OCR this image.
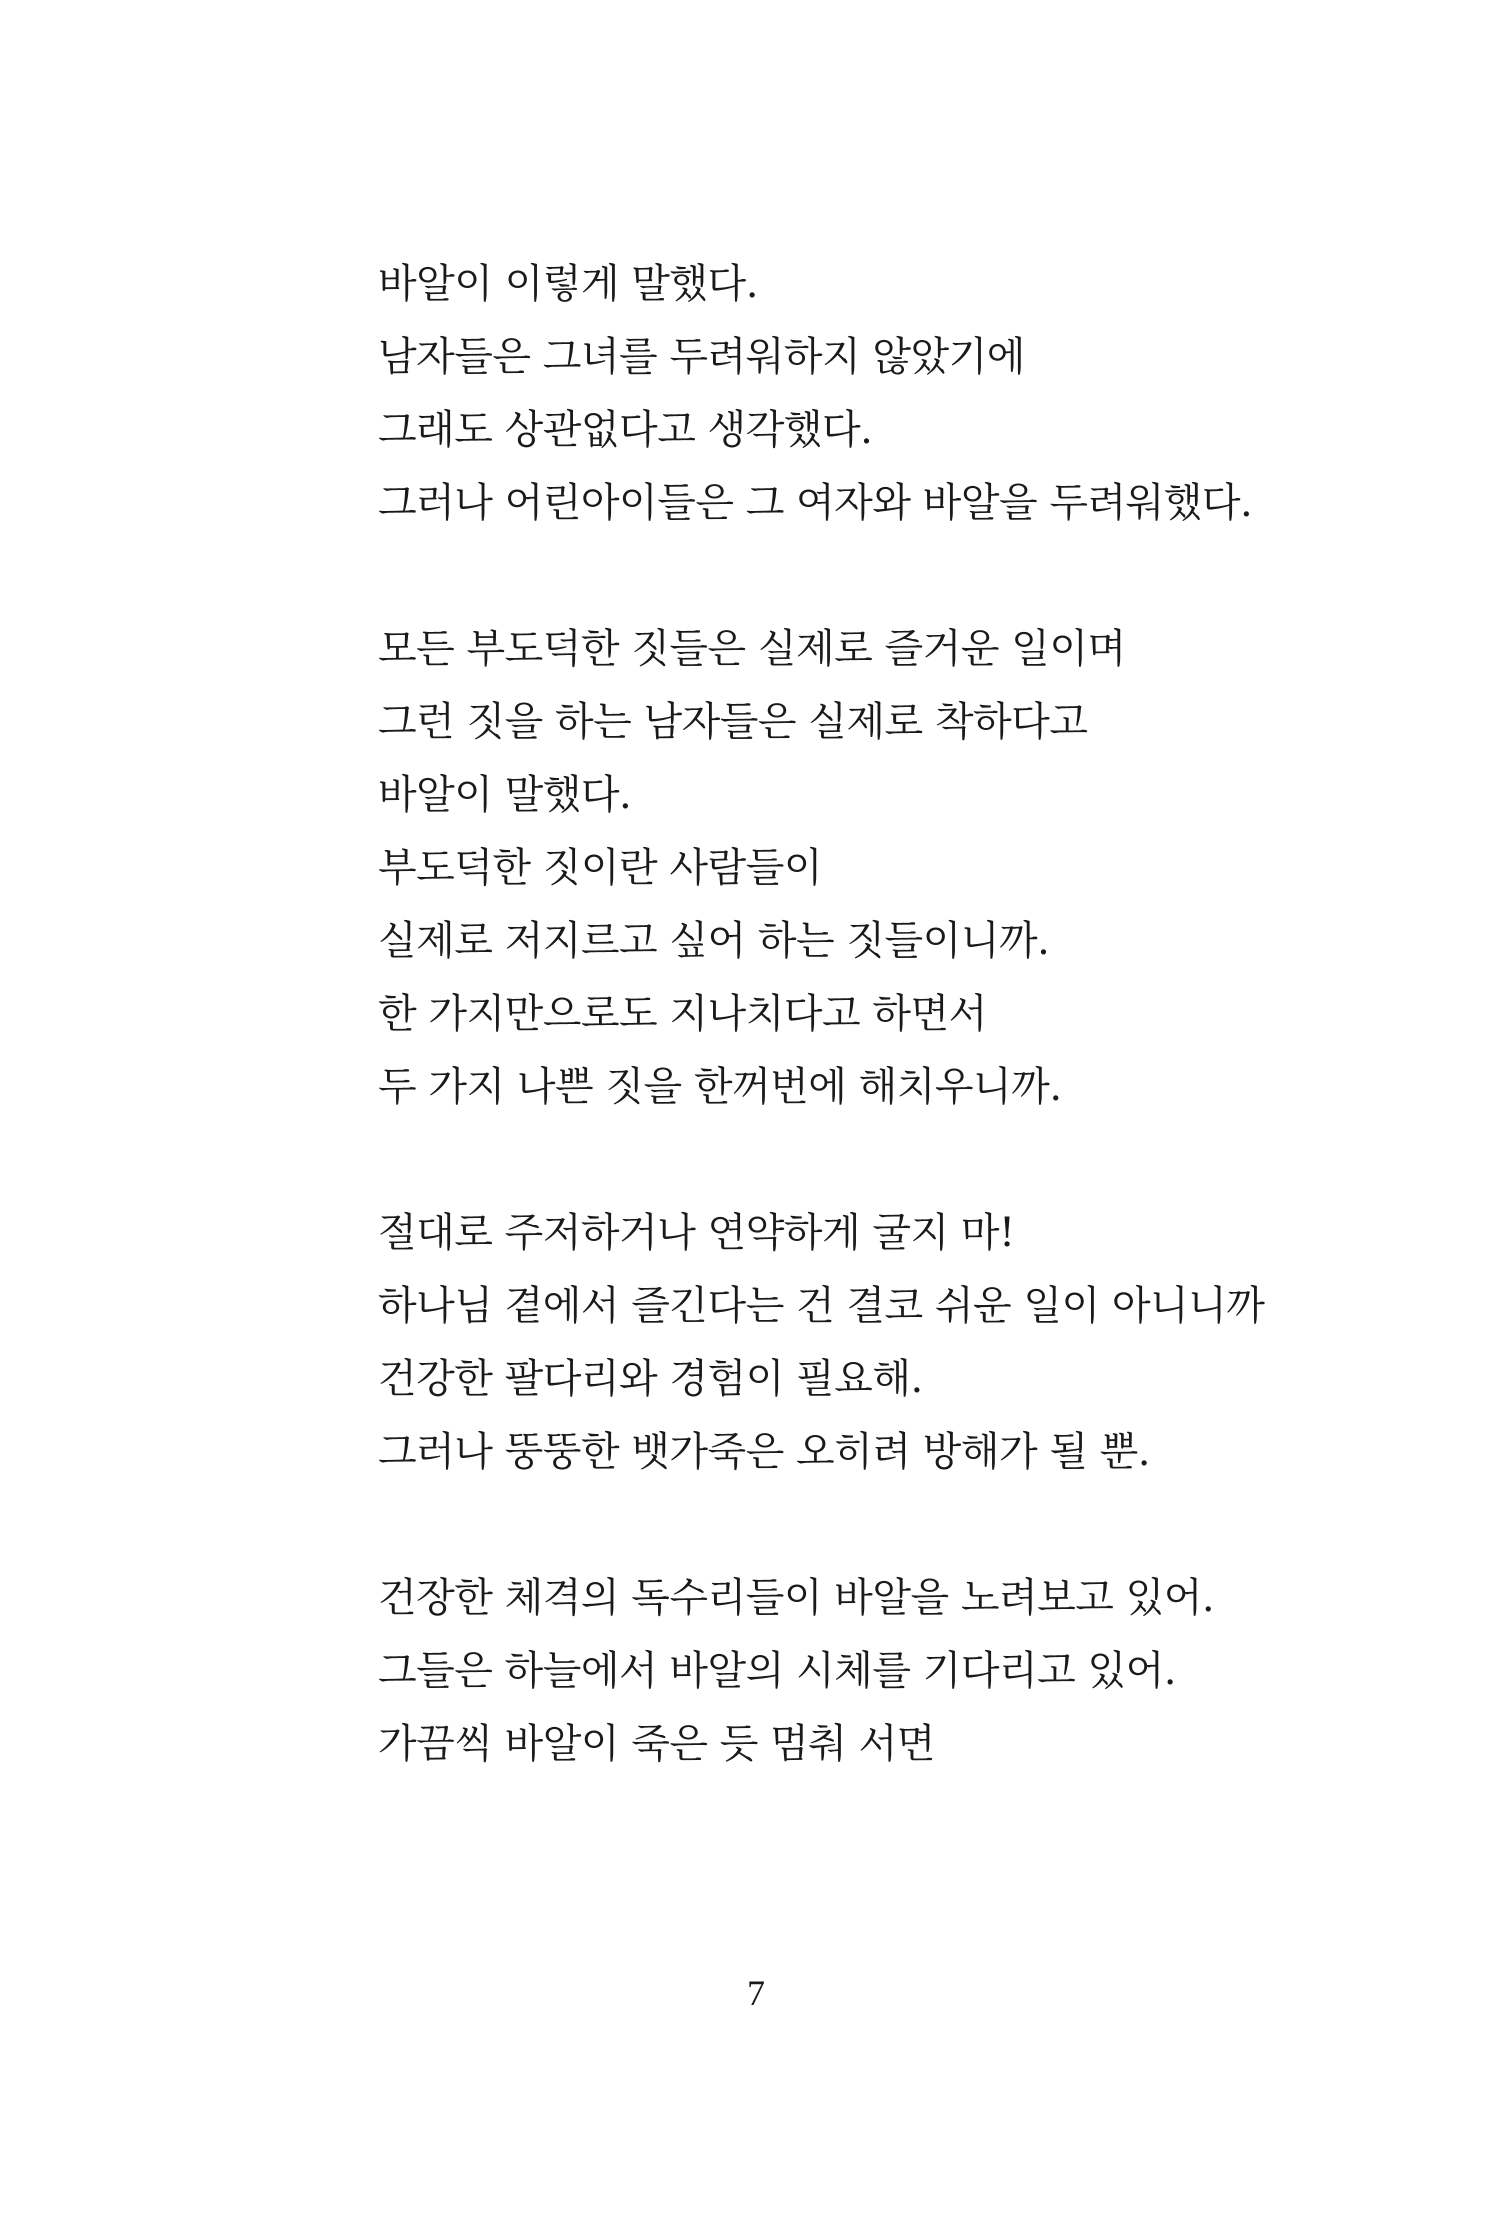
바알이 이렇게 말했다.
남자들은 그녀를 두려워하지 않았기에
그래도 상관없다고 생각했다.
그러나 어린아이들은 그 여자와 바알을 두려워했다.
모든 부도덕한 짓들은 실제로 즐거운 일이며
그런 짓을 하는 남자들은 실제로 착하다고
바알이 말했다.
부도덕한 짓이란 사람들이
실제로 저지르고 싶어 하는 짓들이니까.
한 가지만으로도 지나치다고 하면서
두 가지 나쁜 짓을 한꺼번에 해치우니까.
절대로 주저하거나 연약하게 굴지 마!
하나님 곁에서 즐긴다는 건 결코 쉬운 일이 아니니까
건강한 팔다리와 경험이 필요해.
그러나 뚱뚱한 뱃가죽은 오히려 방해가 될 뿐.
건장한 체격의 독수리들이 바알을 노려보고 있어.
그들은 하늘에서 바알의 시체를 기다리고 있어.
가끔씩 바알이 죽은 듯 멈춰 서면
7
